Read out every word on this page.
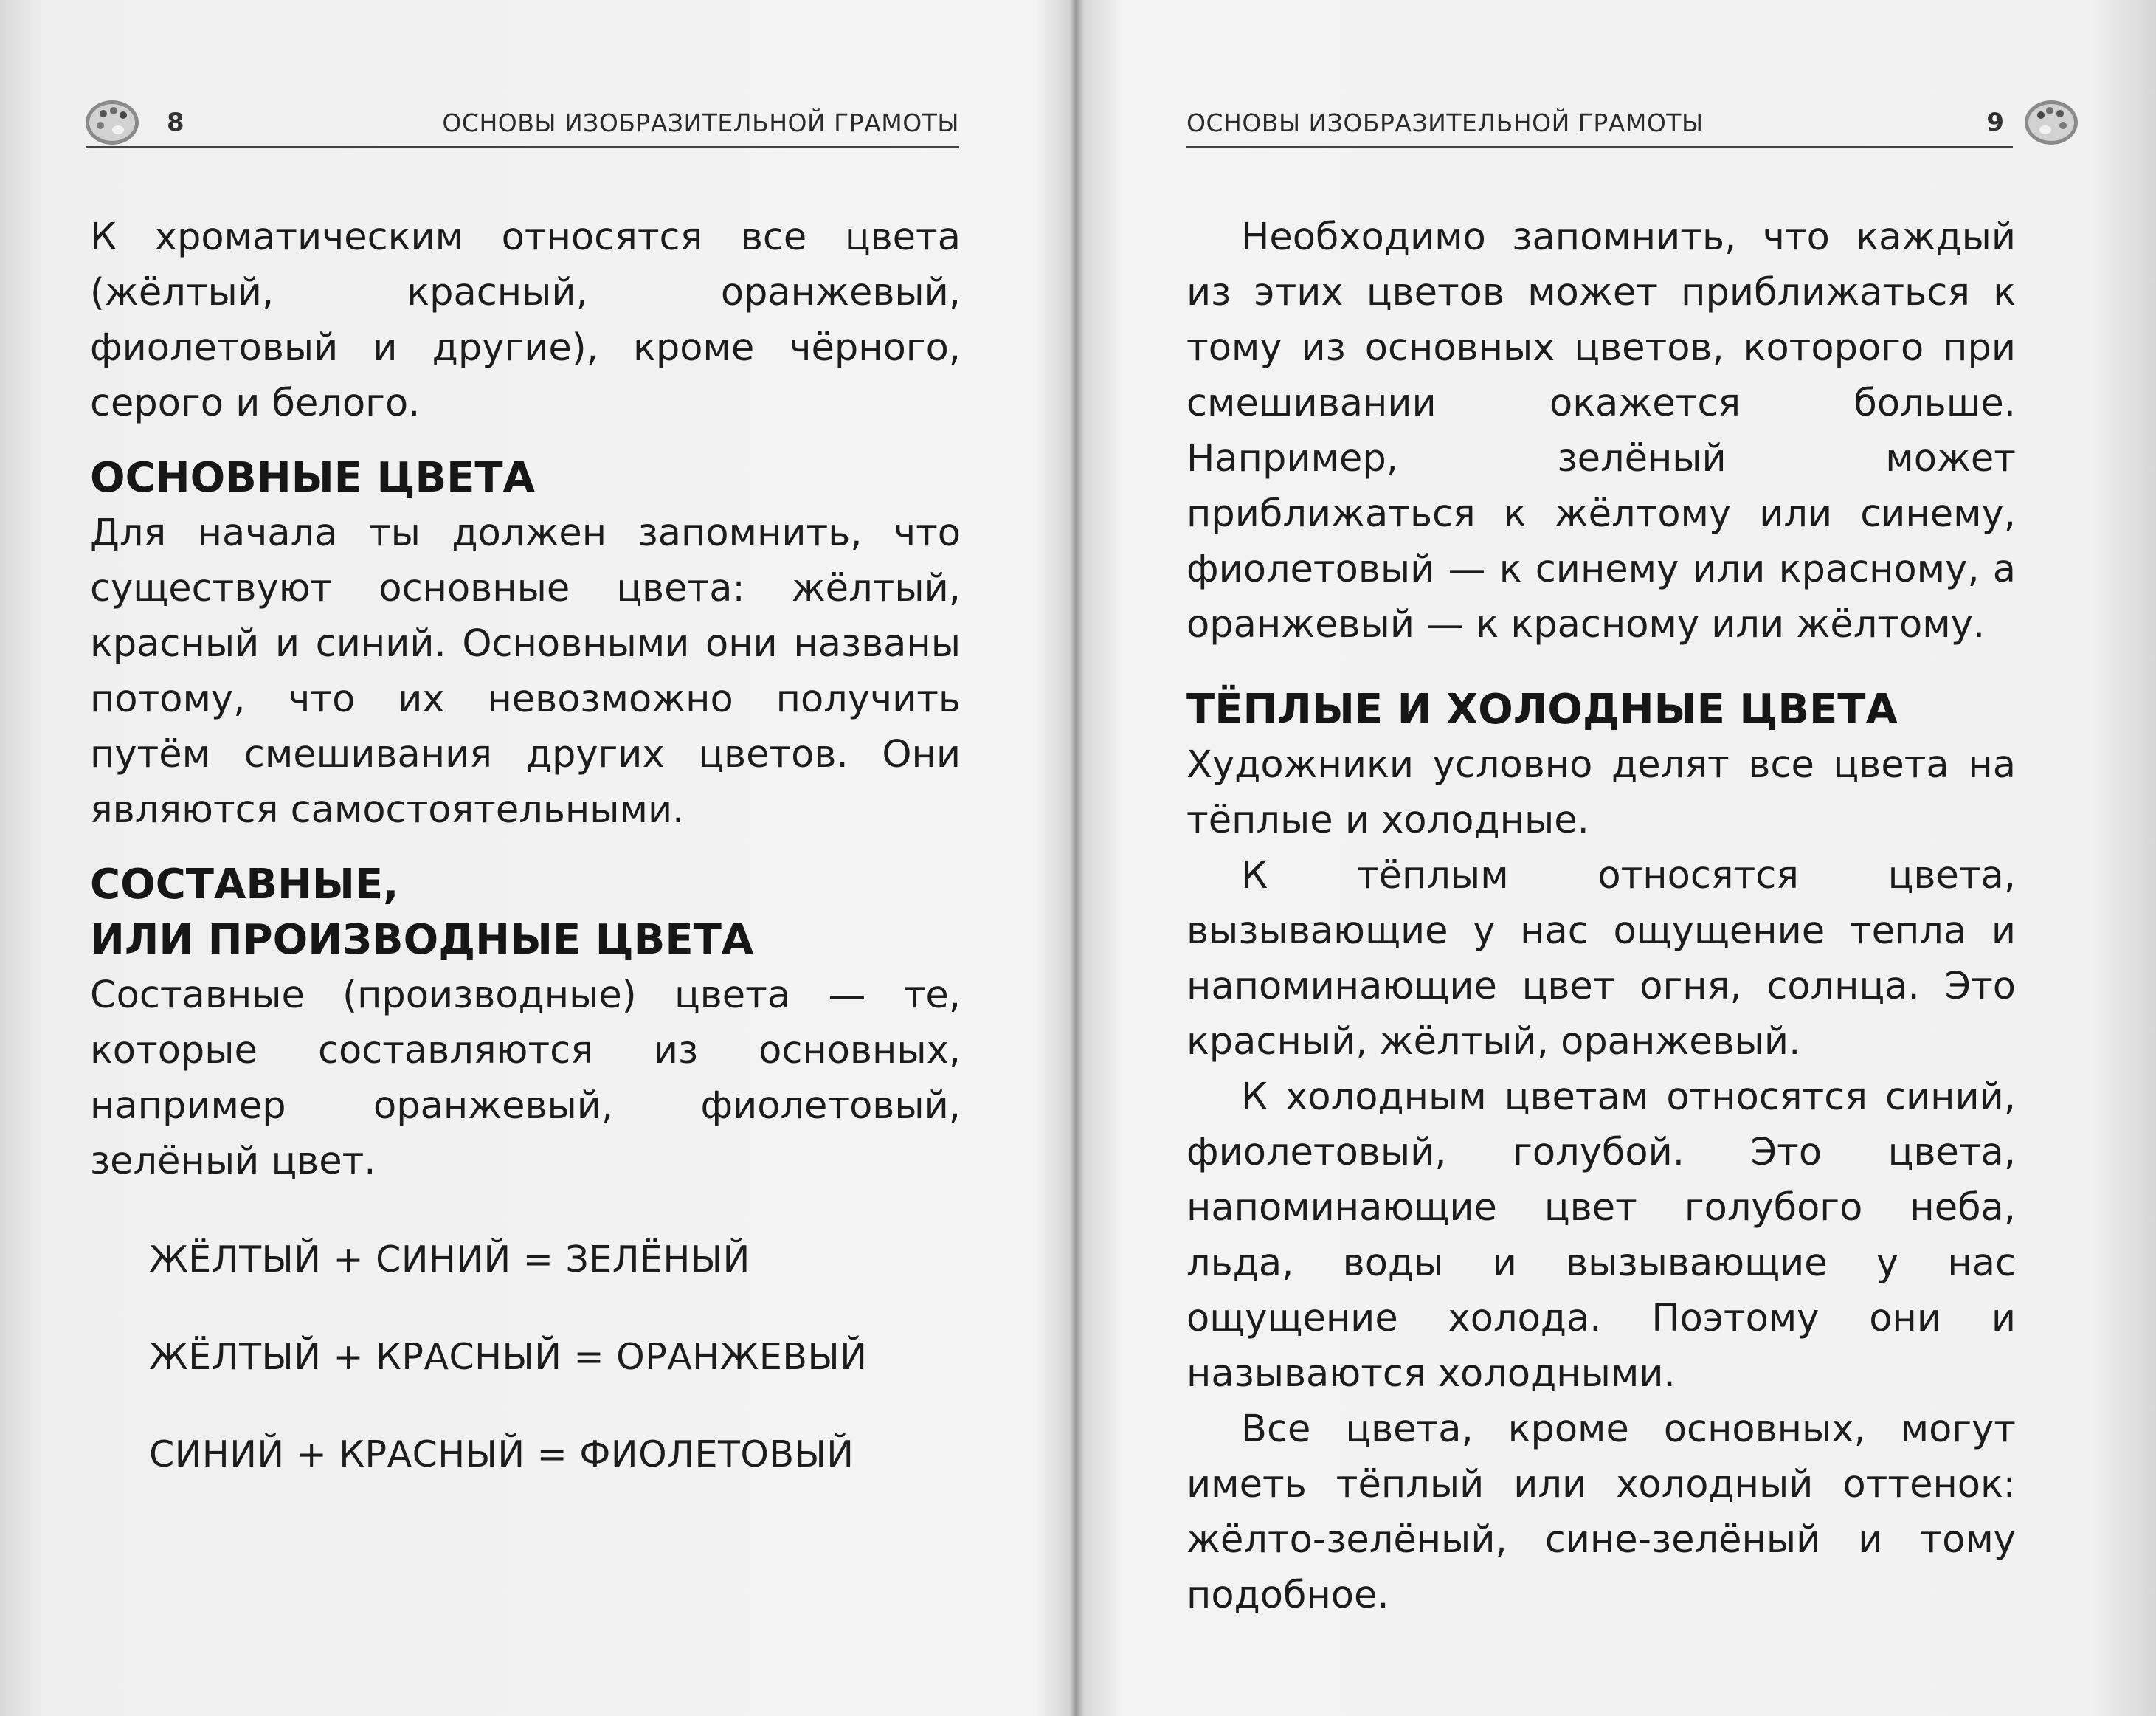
8	ОСНОВЫ ИЗОБРАЗИТЕЛЬНОЙ ГРАМОТЫ

К хроматическим относятся все цвета (жёлтый, красный, оранжевый, фиолетовый и другие), кроме чёрного, серого и белого.

ОСНОВНЫЕ ЦВЕТА

Для начала ты должен запомнить, что существуют основные цвета: жёлтый, красный и синий. Основными они названы потому, что их невозможно получить путём смешивания других цветов. Они являются самостоятельными.

СОСТАВНЫЕ,
ИЛИ ПРОИЗВОДНЫЕ ЦВЕТА

Составные (производные) цвета — те, которые составляются из основных, например оранжевый, фиолетовый, зелёный цвет.

ЖЁЛТЫЙ + СИНИЙ = ЗЕЛЁНЫЙ

ЖЁЛТЫЙ + КРАСНЫЙ = ОРАНЖЕВЫЙ

СИНИЙ + КРАСНЫЙ = ФИОЛЕТОВЫЙ

ОСНОВЫ ИЗОБРАЗИТЕЛЬНОЙ ГРАМОТЫ	9

Необходимо запомнить, что каждый из этих цветов может приближаться к тому из основных цветов, которого при смешивании окажется больше. Например, зелёный может приближаться к жёлтому или синему, фиолетовый — к синему или красному, а оранжевый — к красному или жёлтому.

ТЁПЛЫЕ И ХОЛОДНЫЕ ЦВЕТА

Художники условно делят все цвета на тёплые и холодные.

К тёплым относятся цвета, вызывающие у нас ощущение тепла и напоминающие цвет огня, солнца. Это красный, жёлтый, оранжевый.

К холодным цветам относятся синий, фиолетовый, голубой. Это цвета, напоминающие цвет голубого неба, льда, воды и вызывающие у нас ощущение холода. Поэтому они и называются холодными.

Все цвета, кроме основных, могут иметь тёплый или холодный оттенок: жёлто-зелёный, сине-зелёный и тому подобное.
